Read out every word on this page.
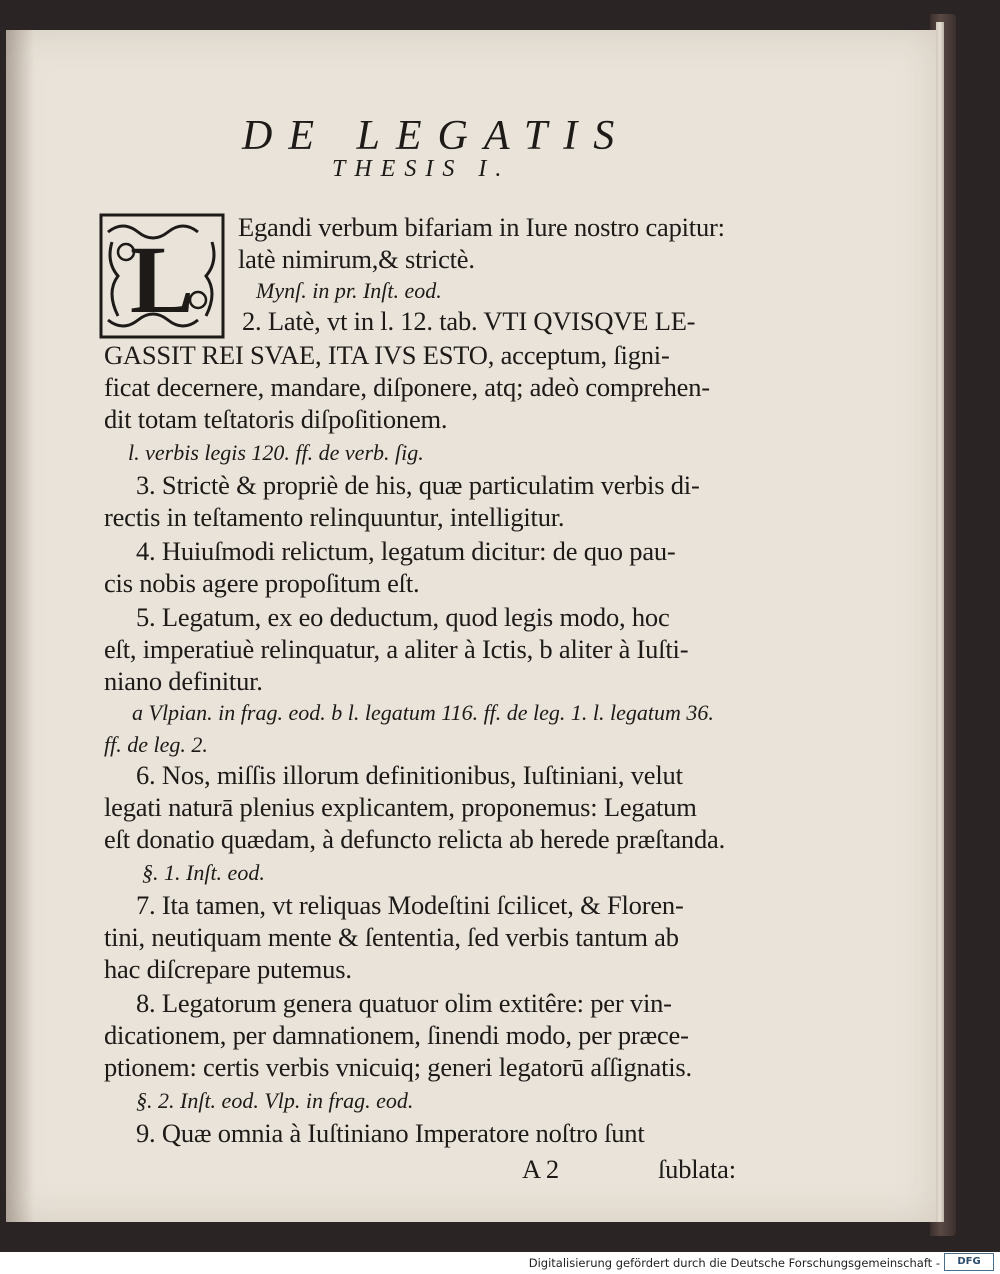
DE LEGATIS
THESIS I.
L Egandi verbum bifariam in Iure nostro capitur:
latè nimirum,& strictè.
Mynſ. in pr. Inſt. eod.
2. Latè, vt in l. 12. tab. VTI QVISQVE LE-
GASSIT REI SVAE, ITA IVS ESTO, acceptum, ſigni-
ficat decernere, mandare, diſponere, atq; adeò comprehen-
dit totam teſtatoris diſpoſitionem.
l. verbis legis 120. ff. de verb. ſig.
3. Strictè & propriè de his, quæ particulatim verbis di-
rectis in teſtamento relinquuntur, intelligitur.
4. Huiuſmodi relictum, legatum dicitur: de quo pau-
cis nobis agere propoſitum eſt.
5. Legatum, ex eo deductum, quod legis modo, hoc
eſt, imperatiuè relinquatur, a aliter à Ictis, b aliter à Iuſti-
niano definitur.
a Vlpian. in frag. eod. b l. legatum 116. ff. de leg. 1. l. legatum 36.
ff. de leg. 2.
6. Nos, miſſis illorum definitionibus, Iuſtiniani, velut
legati naturā plenius explicantem, proponemus: Legatum
eſt donatio quædam, à defuncto relicta ab herede præſtanda.
§. 1. Inſt. eod.
7. Ita tamen, vt reliquas Modeſtini ſcilicet, & Floren-
tini, neutiquam mente & ſententia, ſed verbis tantum ab
hac diſcrepare putemus.
8. Legatorum genera quatuor olim extitêre: per vin-
dicationem, per damnationem, ſinendi modo, per præce-
ptionem: certis verbis vnicuiq; generi legatorū aſſignatis.
§. 2. Inſt. eod. Vlp. in frag. eod.
9. Quæ omnia à Iuſtiniano Imperatore noſtro ſunt
A 2	ſublata:
Digitalisierung gefördert durch die Deutsche Forschungsgemeinschaft -	DFG
